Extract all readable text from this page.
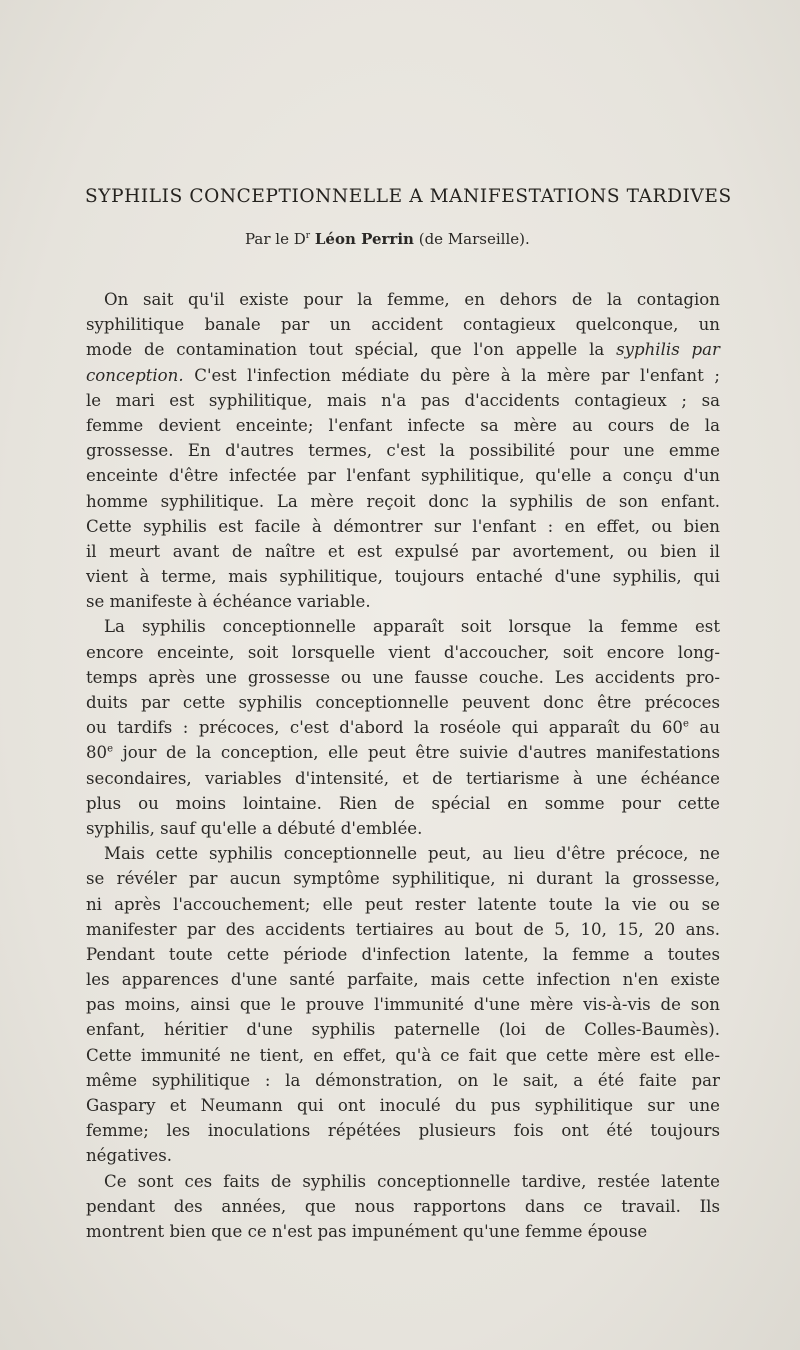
SYPHILIS CONCEPTIONNELLE A MANIFESTATIONS TARDIVES
Par le $D^r$ Léon Perrin (de Marseille).
On sait qu'il existe pour la femme, en dehors de la contagion
syphilitique banale par un accident contagieux quelconque, un
mode de contamination tout spécial, que l'on appelle la syphilis par
conception. C'est l'infection médiate du père à la mère par l'enfant ;
le mari est syphilitique, mais n'a pas d'accidents contagieux ; sa
femme devient enceinte; l'enfant infecte sa mère au cours de la
grossesse. En d'autres termes, c'est la possibilité pour une emme
enceinte d'être infectée par l'enfant syphilitique, qu'elle a conçu d'un
homme syphilitique. La mère reçoit donc la syphilis de son enfant.
Cette syphilis est facile à démontrer sur l'enfant : en effet, ou bien
il meurt avant de naître et est expulsé par avortement, ou bien il
vient à terme, mais syphilitique, toujours entaché d'une syphilis, qui
se manifeste à échéance variable.
La syphilis conceptionnelle apparaît soit lorsque la femme est
encore enceinte, soit lorsquelle vient d'accoucher, soit encore long-
temps après une grossesse ou une fausse couche. Les accidents pro-
duits par cette syphilis conceptionnelle peuvent donc être précoces
ou tardifs : précoces, c'est d'abord la roséole qui apparaît du 60e au
80e jour de la conception, elle peut être suivie d'autres manifestations
secondaires, variables d'intensité, et de tertiarisme à une échéance
plus ou moins lointaine. Rien de spécial en somme pour cette
syphilis, sauf qu'elle a débuté d'emblée.
Mais cette syphilis conceptionnelle peut, au lieu d'être précoce, ne
se révéler par aucun symptôme syphilitique, ni durant la grossesse,
ni après l'accouchement; elle peut rester latente toute la vie ou se
manifester par des accidents tertiaires au bout de 5, 10, 15, 20 ans.
Pendant toute cette période d'infection latente, la femme a toutes
les apparences d'une santé parfaite, mais cette infection n'en existe
pas moins, ainsi que le prouve l'immunité d'une mère vis-à-vis de son
enfant, héritier d'une syphilis paternelle (loi de Colles-Baumès).
Cette immunité ne tient, en effet, qu'à ce fait que cette mère est elle-
même syphilitique : la démonstration, on le sait, a été faite par
Gaspary et Neumann qui ont inoculé du pus syphilitique sur une
femme; les inoculations répétées plusieurs fois ont été toujours
négatives.
Ce sont ces faits de syphilis conceptionnelle tardive, restée latente
pendant des années, que nous rapportons dans ce travail. Ils
montrent bien que ce n'est pas impunément qu'une femme épouse
